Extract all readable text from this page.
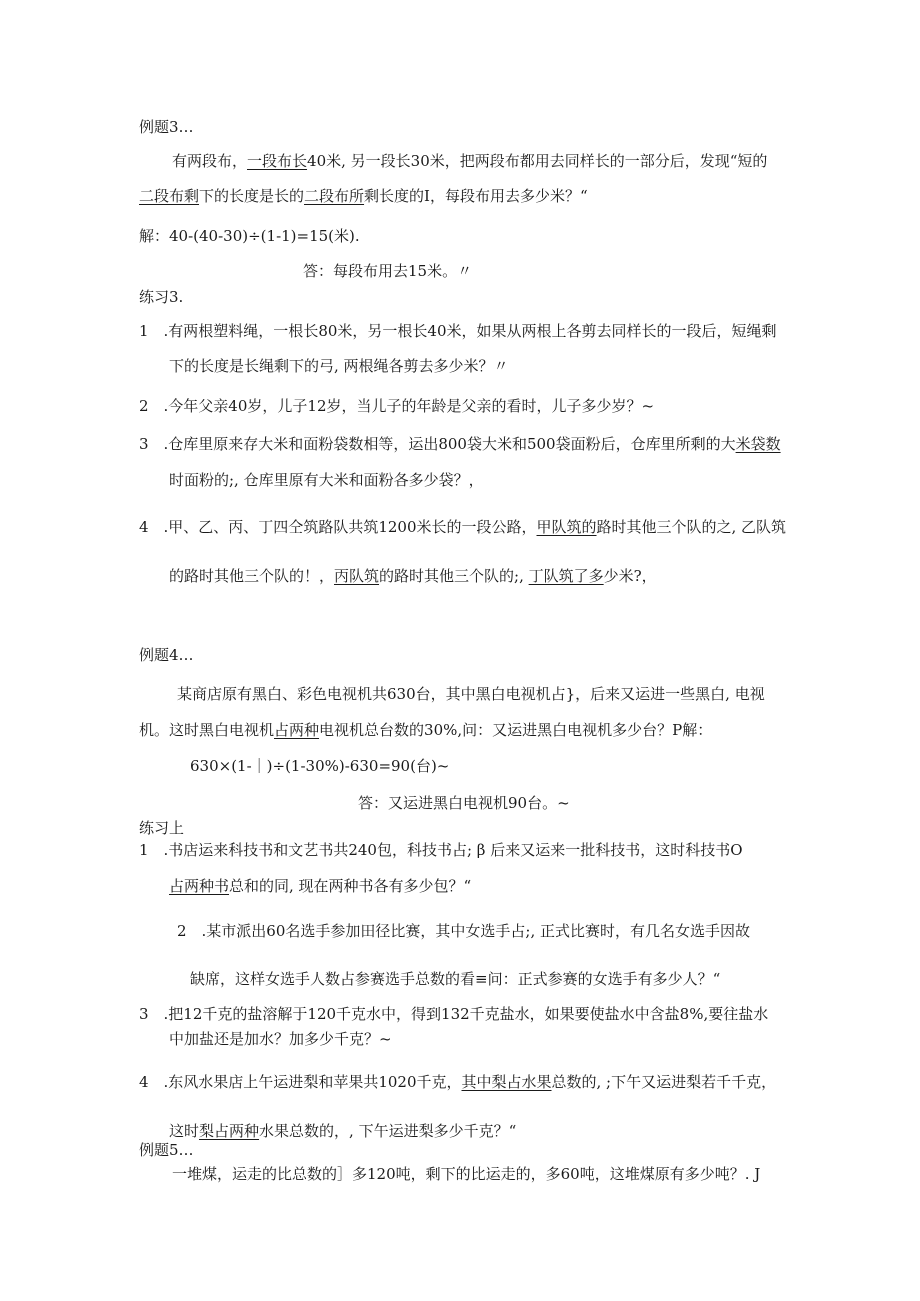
例题3…
有两段布，一段布长40米, 另一段长30米，把两段布都用去同样长的一部分后，发现“短的
二段布剩下的长度是长的二段布所剩长度的I，每段布用去多少米？“
解：40-(40-30)÷(1-1)=15(米).
答：每段布用去15米。〃
练习3.
1　.有两根塑料绳，一根长80米，另一根长40米，如果从两根上各剪去同样长的一段后，短绳剩
下的长度是长绳剩下的弓, 两根绳各剪去多少米？〃
2　.今年父亲40岁，儿子12岁，当儿子的年龄是父亲的看时，儿子多少岁？~
3　.仓库里原来存大米和面粉袋数相等，运出800袋大米和500袋面粉后，仓库里所剩的大米袋数
时面粉的;, 仓库里原有大米和面粉各多少袋？，
4　.甲、乙、丙、丁四仝筑路队共筑1200米长的一段公路，甲队筑的路时其他三个队的之, 乙队筑
的路时其他三个队的！，丙队筑的路时其他三个队的;, 丁队筑了多少米?，
例题4…
某商店原有黑白、彩色电视机共630台，其中黑白电视机占}，后来又运进一些黑白, 电视
机。这时黑白电视机占两种电视机总台数的30%,问：又运进黑白电视机多少台？P解：
630×(1-｜)÷(1-30%)-630=90(台)~
答：又运进黑白电视机90台。~
练习上
1　.书店运来科技书和文艺书共240包，科技书占; β 后来又运来一批科技书，这时科技书O
占两种书总和的同, 现在两种书各有多少包？“
2　.某市派出60名选手参加田径比赛，其中女选手占;, 正式比赛时，有几名女选手因故
缺席，这样女选手人数占参赛选手总数的看≡问：正式参赛的女选手有多少人？“
3　.把12千克的盐溶解于120千克水中，得到132千克盐水，如果要使盐水中含盐8%,要往盐水
中加盐还是加水？加多少千克？~
4　.东风水果店上午运进梨和苹果共1020千克，其中梨占水果总数的, ;下午又运进梨若千千克，
这时梨占两种水果总数的，, 下午运进梨多少千克？“
例题5…
一堆煤，运走的比总数的］多120吨，剩下的比运走的，多60吨，这堆煤原有多少吨？. J
